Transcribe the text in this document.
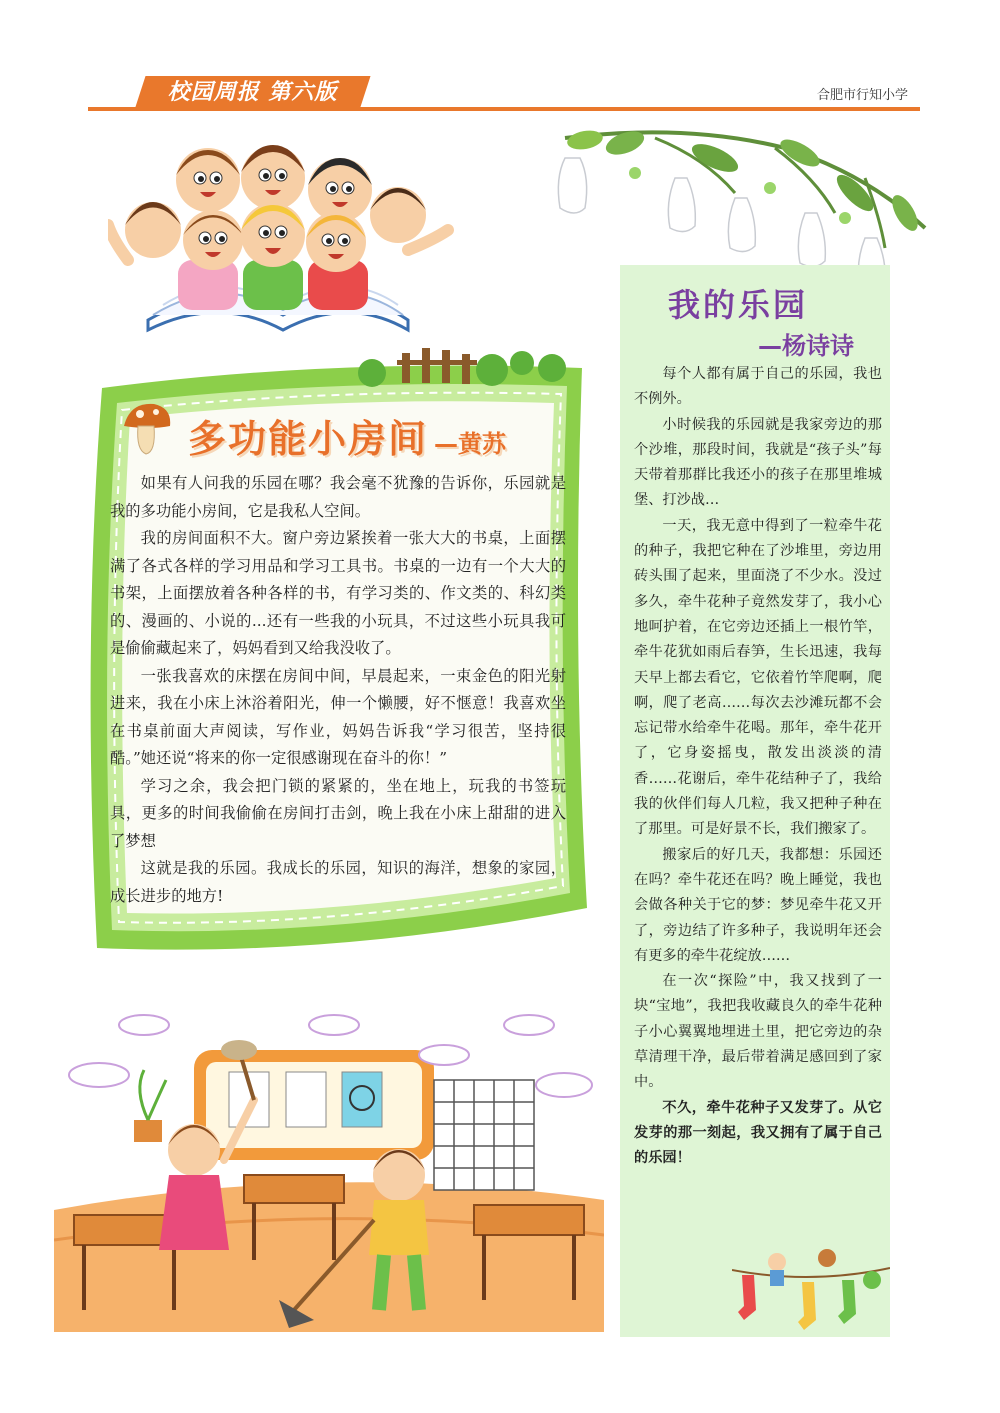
校园周报 第六版	合肥市行知小学
多功能小房间 —黄苏

如果有人问我的乐园在哪？我会毫不犹豫的告诉你，乐园就是我的多功能小房间，它是我私人空间。

我的房间面积不大。窗户旁边紧挨着一张大大的书桌，上面摆满了各式各样的学习用品和学习工具书。书桌的一边有一个大大的书架，上面摆放着各种各样的书，有学习类的、作文类的、科幻类的、漫画的、小说的...还有一些我的小玩具，不过这些小玩具我可是偷偷藏起来了，妈妈看到又给我没收了。

一张我喜欢的床摆在房间中间，早晨起来，一束金色的阳光射进来，我在小床上沐浴着阳光，伸一个懒腰，好不惬意！我喜欢坐在书桌前面大声阅读，写作业，妈妈告诉我“学习很苦，坚持很酷。”她还说“将来的你一定很感谢现在奋斗的你！”

学习之余，我会把门锁的紧紧的，坐在地上，玩我的书签玩具，更多的时间我偷偷在房间打击剑，晚上我在小床上甜甜的进入了梦想

这就是我的乐园。我成长的乐园，知识的海洋，想象的家园，成长进步的地方!

我的乐园
—杨诗诗

每个人都有属于自己的乐园，我也不例外。

小时候我的乐园就是我家旁边的那个沙堆，那段时间，我就是“孩子头”每天带着那群比我还小的孩子在那里堆城堡、打沙战…

一天，我无意中得到了一粒牵牛花的种子，我把它种在了沙堆里，旁边用砖头围了起来，里面浇了不少水。没过多久，牵牛花种子竟然发芽了，我小心地呵护着，在它旁边还插上一根竹竿，牵牛花犹如雨后春笋，生长迅速，我每天早上都去看它，它依着竹竿爬啊，爬啊，爬了老高……每次去沙滩玩都不会忘记带水给牵牛花喝。那年，牵牛花开了，它身姿摇曳，散发出淡淡的清香……花谢后，牵牛花结种子了，我给我的伙伴们每人几粒，我又把种子种在了那里。可是好景不长，我们搬家了。

搬家后的好几天，我都想：乐园还在吗？牵牛花还在吗？晚上睡觉，我也会做各种关于它的梦：梦见牵牛花又开了，旁边结了许多种子，我说明年还会有更多的牵牛花绽放……

在一次“探险”中，我又找到了一块“宝地”，我把我收藏良久的牵牛花种子小心翼翼地埋进土里，把它旁边的杂草清理干净，最后带着满足感回到了家中。

不久，牵牛花种子又发芽了。从它发芽的那一刻起，我又拥有了属于自己的乐园！
